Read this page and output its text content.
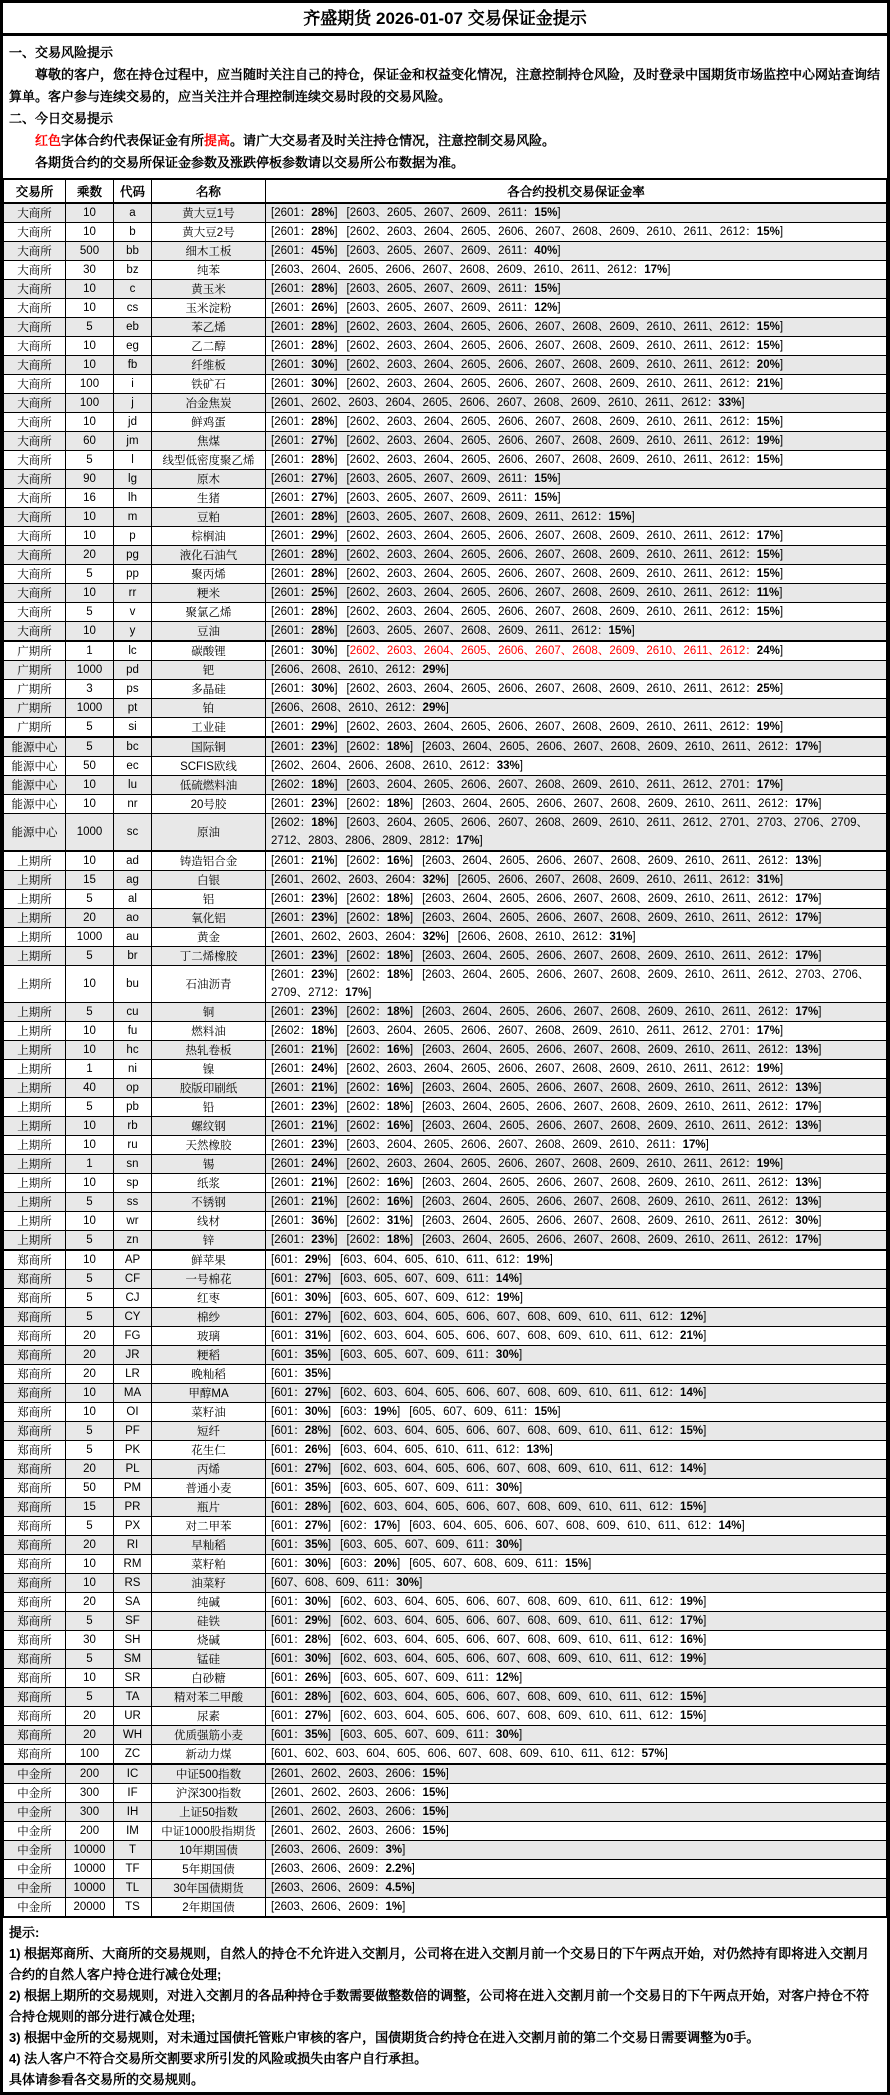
齐盛期货 2026-01-07 交易保证金提示
一、交易风险提示
尊敬的客户，您在持仓过程中，应当随时关注自己的持仓，保证金和权益变化情况，注意控制持仓风险，及时登录中国期货市场监控中心网站查询结算单。客户参与连续交易的，应当关注并合理控制连续交易时段的交易风险。
二、今日交易提示
红色字体合约代表保证金有所提高。请广大交易者及时关注持仓情况，注意控制交易风险。
各期货合约的交易所保证金参数及涨跌停板参数请以交易所公布数据为准。
交易所	乘数	代码	名称	各合约投机交易保证金率
大商所	10	a	黄大豆1号	[2601：28%] [2603、2605、2607、2609、2611：15%]
大商所	10	b	黄大豆2号	[2601：28%] [2602、2603、2604、2605、2606、2607、2608、2609、2610、2611、2612：15%]
大商所	500	bb	细木工板	[2601：45%] [2603、2605、2607、2609、2611：40%]
大商所	30	bz	纯苯	[2603、2604、2605、2606、2607、2608、2609、2610、2611、2612：17%]
大商所	10	c	黄玉米	[2601：28%] [2603、2605、2607、2609、2611：15%]
大商所	10	cs	玉米淀粉	[2601：26%] [2603、2605、2607、2609、2611：12%]
大商所	5	eb	苯乙烯	[2601：28%] [2602、2603、2604、2605、2606、2607、2608、2609、2610、2611、2612：15%]
大商所	10	eg	乙二醇	[2601：28%] [2602、2603、2604、2605、2606、2607、2608、2609、2610、2611、2612：15%]
大商所	10	fb	纤维板	[2601：30%] [2602、2603、2604、2605、2606、2607、2608、2609、2610、2611、2612：20%]
大商所	100	i	铁矿石	[2601：30%] [2602、2603、2604、2605、2606、2607、2608、2609、2610、2611、2612：21%]
大商所	100	j	冶金焦炭	[2601、2602、2603、2604、2605、2606、2607、2608、2609、2610、2611、2612：33%]
大商所	10	jd	鲜鸡蛋	[2601：28%] [2602、2603、2604、2605、2606、2607、2608、2609、2610、2611、2612：15%]
大商所	60	jm	焦煤	[2601：27%] [2602、2603、2604、2605、2606、2607、2608、2609、2610、2611、2612：19%]
大商所	5	l	线型低密度聚乙烯	[2601：28%] [2602、2603、2604、2605、2606、2607、2608、2609、2610、2611、2612：15%]
大商所	90	lg	原木	[2601：27%] [2603、2605、2607、2609、2611：15%]
大商所	16	lh	生猪	[2601：27%] [2603、2605、2607、2609、2611：15%]
大商所	10	m	豆粕	[2601：28%] [2603、2605、2607、2608、2609、2611、2612：15%]
大商所	10	p	棕榈油	[2601：29%] [2602、2603、2604、2605、2606、2607、2608、2609、2610、2611、2612：17%]
大商所	20	pg	液化石油气	[2601：28%] [2602、2603、2604、2605、2606、2607、2608、2609、2610、2611、2612：15%]
大商所	5	pp	聚丙烯	[2601：28%] [2602、2603、2604、2605、2606、2607、2608、2609、2610、2611、2612：15%]
大商所	10	rr	粳米	[2601：25%] [2602、2603、2604、2605、2606、2607、2608、2609、2610、2611、2612：11%]
大商所	5	v	聚氯乙烯	[2601：28%] [2602、2603、2604、2605、2606、2607、2608、2609、2610、2611、2612：15%]
大商所	10	y	豆油	[2601：28%] [2603、2605、2607、2608、2609、2611、2612：15%]
广期所	1	lc	碳酸锂	[2601：30%] [2602、2603、2604、2605、2606、2607、2608、2609、2610、2611、2612：24%]
广期所	1000	pd	钯	[2606、2608、2610、2612：29%]
广期所	3	ps	多晶硅	[2601：30%] [2602、2603、2604、2605、2606、2607、2608、2609、2610、2611、2612：25%]
广期所	1000	pt	铂	[2606、2608、2610、2612：29%]
广期所	5	si	工业硅	[2601：29%] [2602、2603、2604、2605、2606、2607、2608、2609、2610、2611、2612：19%]
能源中心	5	bc	国际铜	[2601：23%] [2602：18%] [2603、2604、2605、2606、2607、2608、2609、2610、2611、2612：17%]
能源中心	50	ec	SCFIS欧线	[2602、2604、2606、2608、2610、2612：33%]
能源中心	10	lu	低硫燃料油	[2602：18%] [2603、2604、2605、2606、2607、2608、2609、2610、2611、2612、2701：17%]
能源中心	10	nr	20号胶	[2601：23%] [2602：18%] [2603、2604、2605、2606、2607、2608、2609、2610、2611、2612：17%]
能源中心	1000	sc	原油	[2602：18%] [2603、2604、2605、2606、2607、2608、2609、2610、2611、2612、2701、2703、2706、2709、2712、2803、2806、2809、2812：17%]
上期所	10	ad	铸造铝合金	[2601：21%] [2602：16%] [2603、2604、2605、2606、2607、2608、2609、2610、2611、2612：13%]
上期所	15	ag	白银	[2601、2602、2603、2604：32%] [2605、2606、2607、2608、2609、2610、2611、2612：31%]
上期所	5	al	铝	[2601：23%] [2602：18%] [2603、2604、2605、2606、2607、2608、2609、2610、2611、2612：17%]
上期所	20	ao	氧化铝	[2601：23%] [2602：18%] [2603、2604、2605、2606、2607、2608、2609、2610、2611、2612：17%]
上期所	1000	au	黄金	[2601、2602、2603、2604：32%] [2606、2608、2610、2612：31%]
上期所	5	br	丁二烯橡胶	[2601：23%] [2602：18%] [2603、2604、2605、2606、2607、2608、2609、2610、2611、2612：17%]
上期所	10	bu	石油沥青	[2601：23%] [2602：18%] [2603、2604、2605、2606、2607、2608、2609、2610、2611、2612、2703、2706、2709、2712：17%]
上期所	5	cu	铜	[2601：23%] [2602：18%] [2603、2604、2605、2606、2607、2608、2609、2610、2611、2612：17%]
上期所	10	fu	燃料油	[2602：18%] [2603、2604、2605、2606、2607、2608、2609、2610、2611、2612、2701：17%]
上期所	10	hc	热轧卷板	[2601：21%] [2602：16%] [2603、2604、2605、2606、2607、2608、2609、2610、2611、2612：13%]
上期所	1	ni	镍	[2601：24%] [2602、2603、2604、2605、2606、2607、2608、2609、2610、2611、2612：19%]
上期所	40	op	胶版印刷纸	[2601：21%] [2602：16%] [2603、2604、2605、2606、2607、2608、2609、2610、2611、2612：13%]
上期所	5	pb	铅	[2601：23%] [2602：18%] [2603、2604、2605、2606、2607、2608、2609、2610、2611、2612：17%]
上期所	10	rb	螺纹钢	[2601：21%] [2602：16%] [2603、2604、2605、2606、2607、2608、2609、2610、2611、2612：13%]
上期所	10	ru	天然橡胶	[2601：23%] [2603、2604、2605、2606、2607、2608、2609、2610、2611：17%]
上期所	1	sn	锡	[2601：24%] [2602、2603、2604、2605、2606、2607、2608、2609、2610、2611、2612：19%]
上期所	10	sp	纸浆	[2601：21%] [2602：16%] [2603、2604、2605、2606、2607、2608、2609、2610、2611、2612：13%]
上期所	5	ss	不锈钢	[2601：21%] [2602：16%] [2603、2604、2605、2606、2607、2608、2609、2610、2611、2612：13%]
上期所	10	wr	线材	[2601：36%] [2602：31%] [2603、2604、2605、2606、2607、2608、2609、2610、2611、2612：30%]
上期所	5	zn	锌	[2601：23%] [2602：18%] [2603、2604、2605、2606、2607、2608、2609、2610、2611、2612：17%]
郑商所	10	AP	鲜苹果	[601：29%] [603、604、605、610、611、612：19%]
郑商所	5	CF	一号棉花	[601：27%] [603、605、607、609、611：14%]
郑商所	5	CJ	红枣	[601：30%] [603、605、607、609、612：19%]
郑商所	5	CY	棉纱	[601：27%] [602、603、604、605、606、607、608、609、610、611、612：12%]
郑商所	20	FG	玻璃	[601：31%] [602、603、604、605、606、607、608、609、610、611、612：21%]
郑商所	20	JR	粳稻	[601：35%] [603、605、607、609、611：30%]
郑商所	20	LR	晚籼稻	[601：35%]
郑商所	10	MA	甲醇MA	[601：27%] [602、603、604、605、606、607、608、609、610、611、612：14%]
郑商所	10	OI	菜籽油	[601：30%] [603：19%] [605、607、609、611：15%]
郑商所	5	PF	短纤	[601：28%] [602、603、604、605、606、607、608、609、610、611、612：15%]
郑商所	5	PK	花生仁	[601：26%] [603、604、605、610、611、612：13%]
郑商所	20	PL	丙烯	[601：27%] [602、603、604、605、606、607、608、609、610、611、612：14%]
郑商所	50	PM	普通小麦	[601：35%] [603、605、607、609、611：30%]
郑商所	15	PR	瓶片	[601：28%] [602、603、604、605、606、607、608、609、610、611、612：15%]
郑商所	5	PX	对二甲苯	[601：27%] [602：17%] [603、604、605、606、607、608、609、610、611、612：14%]
郑商所	20	RI	早籼稻	[601：35%] [603、605、607、609、611：30%]
郑商所	10	RM	菜籽粕	[601：30%] [603：20%] [605、607、608、609、611：15%]
郑商所	10	RS	油菜籽	[607、608、609、611：30%]
郑商所	20	SA	纯碱	[601：30%] [602、603、604、605、606、607、608、609、610、611、612：19%]
郑商所	5	SF	硅铁	[601：29%] [602、603、604、605、606、607、608、609、610、611、612：17%]
郑商所	30	SH	烧碱	[601：28%] [602、603、604、605、606、607、608、609、610、611、612：16%]
郑商所	5	SM	锰硅	[601：30%] [602、603、604、605、606、607、608、609、610、611、612：19%]
郑商所	10	SR	白砂糖	[601：26%] [603、605、607、609、611：12%]
郑商所	5	TA	精对苯二甲酸	[601：28%] [602、603、604、605、606、607、608、609、610、611、612：15%]
郑商所	20	UR	尿素	[601：27%] [602、603、604、605、606、607、608、609、610、611、612：15%]
郑商所	20	WH	优质强筋小麦	[601：35%] [603、605、607、609、611：30%]
郑商所	100	ZC	新动力煤	[601、602、603、604、605、606、607、608、609、610、611、612：57%]
中金所	200	IC	中证500指数	[2601、2602、2603、2606：15%]
中金所	300	IF	沪深300指数	[2601、2602、2603、2606：15%]
中金所	300	IH	上证50指数	[2601、2602、2603、2606：15%]
中金所	200	IM	中证1000股指期货	[2601、2602、2603、2606：15%]
中金所	10000	T	10年期国债	[2603、2606、2609：3%]
中金所	10000	TF	5年期国债	[2603、2606、2609：2.2%]
中金所	10000	TL	30年国债期货	[2603、2606、2609：4.5%]
中金所	20000	TS	2年期国债	[2603、2606、2609：1%]
提示:
1) 根据郑商所、大商所的交易规则，自然人的持仓不允许进入交割月，公司将在进入交割月前一个交易日的下午两点开始，对仍然持有即将进入交割月合约的自然人客户持仓进行减仓处理;
2) 根据上期所的交易规则，对进入交割月的各品种持仓手数需要做整数倍的调整，公司将在进入交割月前一个交易日的下午两点开始，对客户持仓不符合持仓规则的部分进行减仓处理;
3) 根据中金所的交易规则，对未通过国债托管账户审核的客户，国债期货合约持仓在进入交割月前的第二个交易日需要调整为0手。
4) 法人客户不符合交易所交割要求所引发的风险或损失由客户自行承担。
具体请参看各交易所的交易规则。
